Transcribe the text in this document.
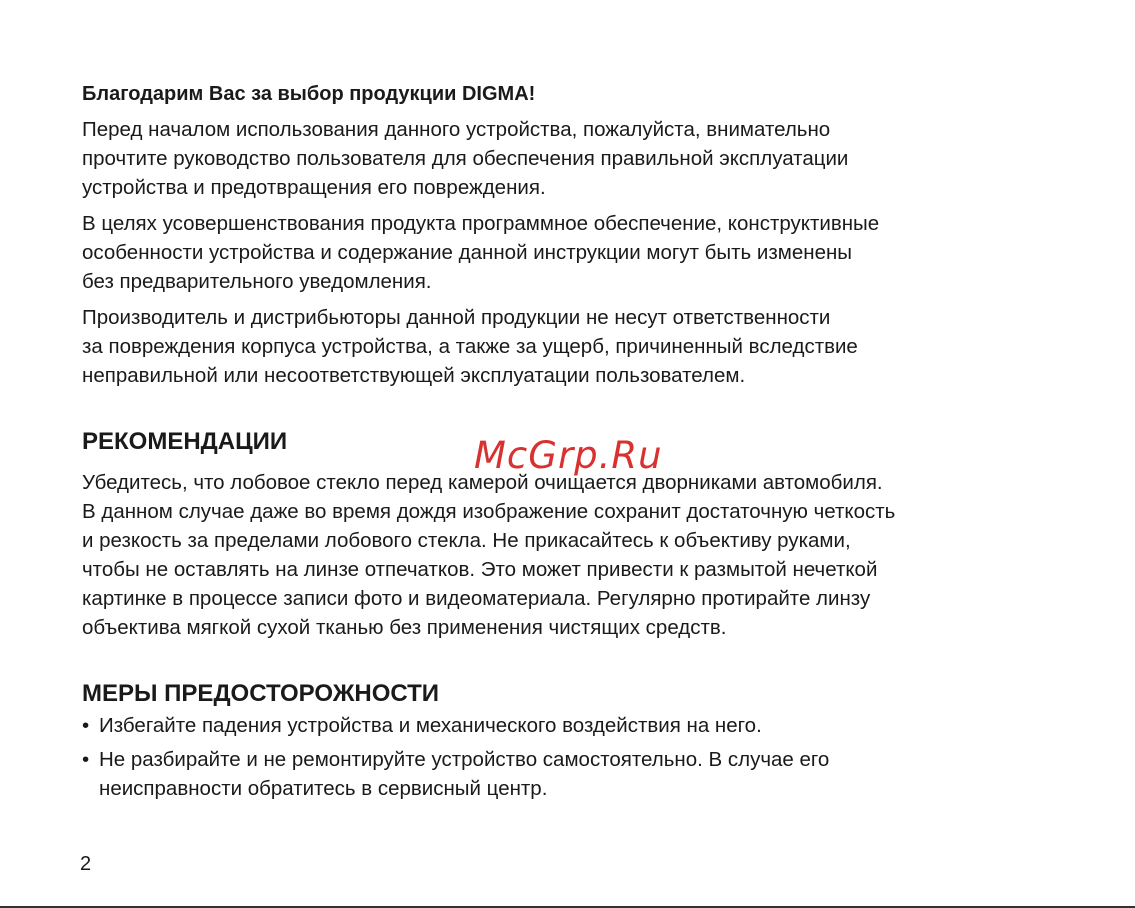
Благодарим Вас за выбор продукции DIGMA!

Перед началом использования данного устройства, пожалуйста, внимательно
прочтите руководство пользователя для обеспечения правильной эксплуатации
устройства и предотвращения его повреждения.

В целях усовершенствования продукта программное обеспечение, конструктивные
особенности устройства и содержание данной инструкции могут быть изменены
без предварительного уведомления.

Производитель и дистрибьюторы данной продукции не несут ответственности
за повреждения корпуса устройства, а также за ущерб, причиненный вследствие
неправильной или несоответствующей эксплуатации пользователем.

РЕКОМЕНДАЦИИ	McGrp.Ru

Убедитесь, что лобовое стекло перед камерой очищается дворниками автомобиля.
В данном случае даже во время дождя изображение сохранит достаточную четкость
и резкость за пределами лобового стекла. Не прикасайтесь к объективу руками,
чтобы не оставлять на линзе отпечатков. Это может привести к размытой нечеткой
картинке в процессе записи фото и видеоматериала. Регулярно протирайте линзу
объектива мягкой сухой тканью без применения чистящих средств.

МЕРЫ ПРЕДОСТОРОЖНОСТИ
• Избегайте падения устройства и механического воздействия на него.
• Не разбирайте и не ремонтируйте устройство самостоятельно. В случае его
неисправности обратитесь в сервисный центр.
2
